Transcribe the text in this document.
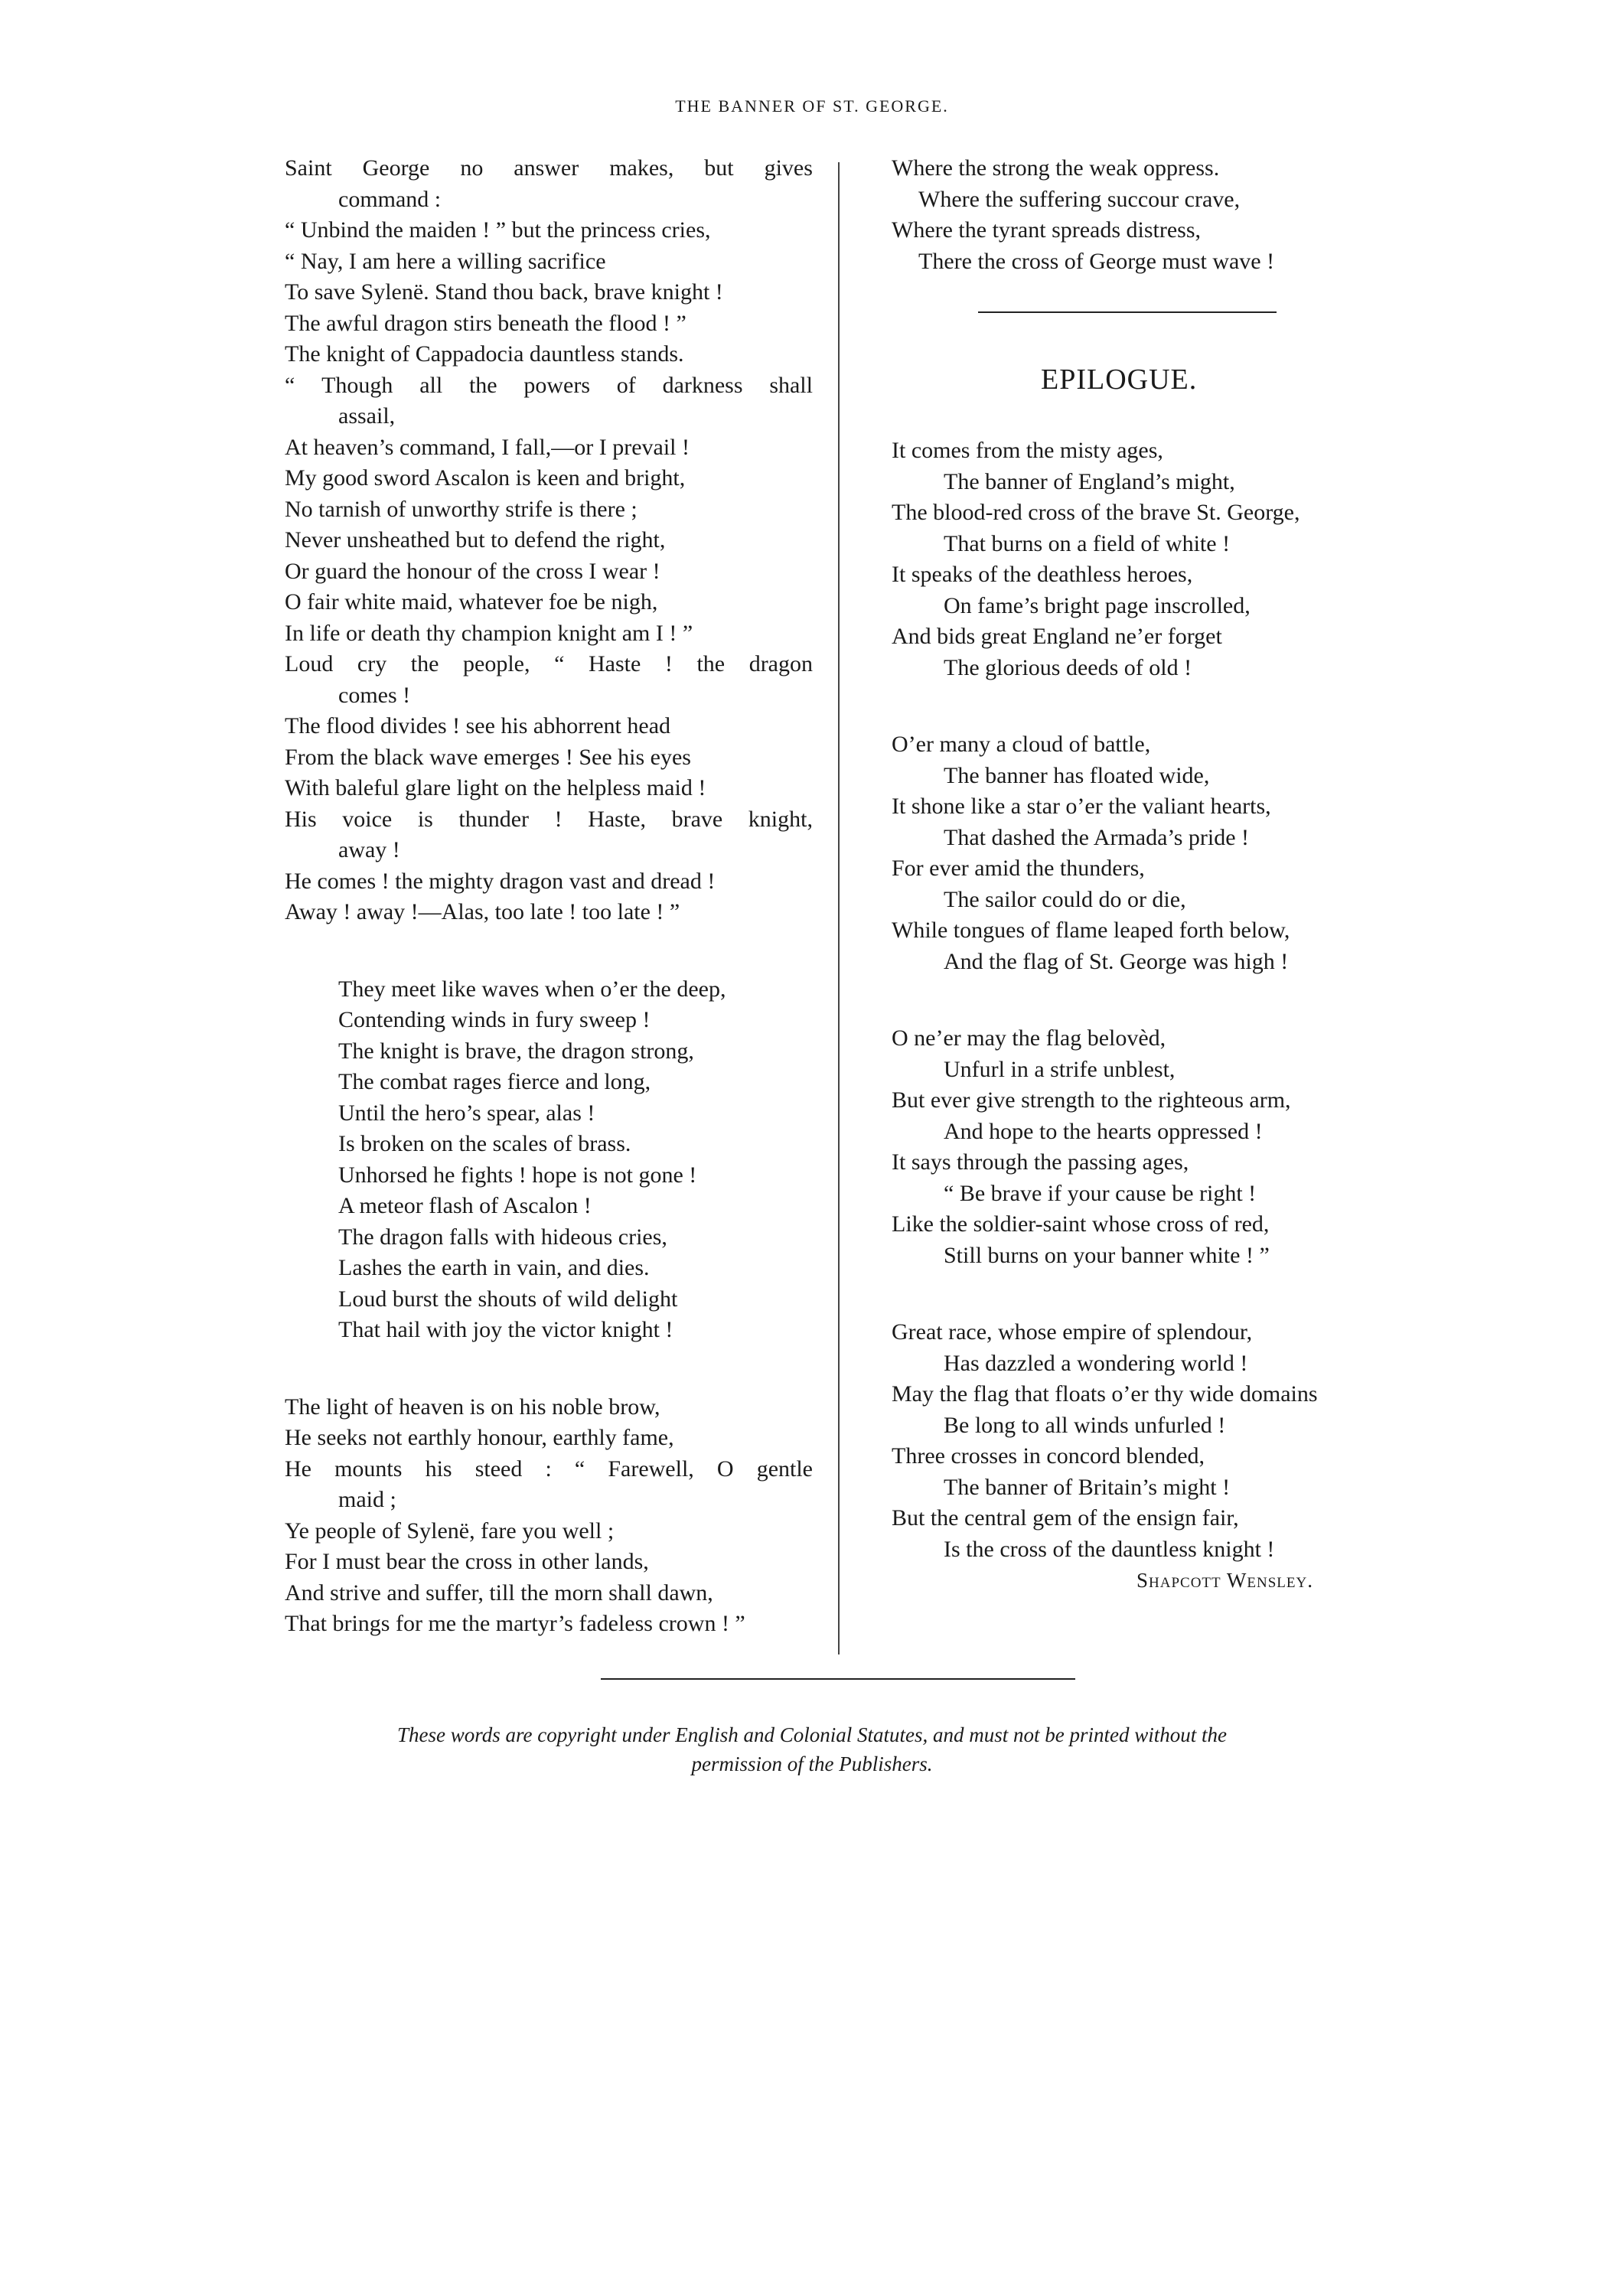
THE BANNER OF ST. GEORGE.
Saint George no answer makes, but gives
command :
“ Unbind the maiden ! ” but the princess cries,
“ Nay, I am here a willing sacrifice
To save Sylenë. Stand thou back, brave knight !
The awful dragon stirs beneath the flood ! ”
The knight of Cappadocia dauntless stands.
“ Though all the powers of darkness shall
assail,
At heaven’s command, I fall,—or I prevail !
My good sword Ascalon is keen and bright,
No tarnish of unworthy strife is there ;
Never unsheathed but to defend the right,
Or guard the honour of the cross I wear !
O fair white maid, whatever foe be nigh,
In life or death thy champion knight am I ! ”
Loud cry the people, “ Haste ! the dragon
comes !
The flood divides ! see his abhorrent head
From the black wave emerges ! See his eyes
With baleful glare light on the helpless maid !
His voice is thunder ! Haste, brave knight,
away !
He comes ! the mighty dragon vast and dread !
Away ! away !—Alas, too late ! too late ! ”
They meet like waves when o’er the deep,
Contending winds in fury sweep !
The knight is brave, the dragon strong,
The combat rages fierce and long,
Until the hero’s spear, alas !
Is broken on the scales of brass.
Unhorsed he fights ! hope is not gone !
A meteor flash of Ascalon !
The dragon falls with hideous cries,
Lashes the earth in vain, and dies.
Loud burst the shouts of wild delight
That hail with joy the victor knight !
The light of heaven is on his noble brow,
He seeks not earthly honour, earthly fame,
He mounts his steed : “ Farewell, O gentle
maid ;
Ye people of Sylenë, fare you well ;
For I must bear the cross in other lands,
And strive and suffer, till the morn shall dawn,
That brings for me the martyr’s fadeless crown ! ”
Where the strong the weak oppress.
Where the suffering succour crave,
Where the tyrant spreads distress,
There the cross of George must wave !
EPILOGUE.
It comes from the misty ages,
The banner of England’s might,
The blood-red cross of the brave St. George,
That burns on a field of white !
It speaks of the deathless heroes,
On fame’s bright page inscrolled,
And bids great England ne’er forget
The glorious deeds of old !
O’er many a cloud of battle,
The banner has floated wide,
It shone like a star o’er the valiant hearts,
That dashed the Armada’s pride !
For ever amid the thunders,
The sailor could do or die,
While tongues of flame leaped forth below,
And the flag of St. George was high !
O ne’er may the flag belovèd,
Unfurl in a strife unblest,
But ever give strength to the righteous arm,
And hope to the hearts oppressed !
It says through the passing ages,
“ Be brave if your cause be right !
Like the soldier-saint whose cross of red,
Still burns on your banner white ! ”
Great race, whose empire of splendour,
Has dazzled a wondering world !
May the flag that floats o’er thy wide domains
Be long to all winds unfurled !
Three crosses in concord blended,
The banner of Britain’s might !
But the central gem of the ensign fair,
Is the cross of the dauntless knight !
Shapcott Wensley.
These words are copyright under English and Colonial Statutes, and must not be printed without the
permission of the Publishers.
